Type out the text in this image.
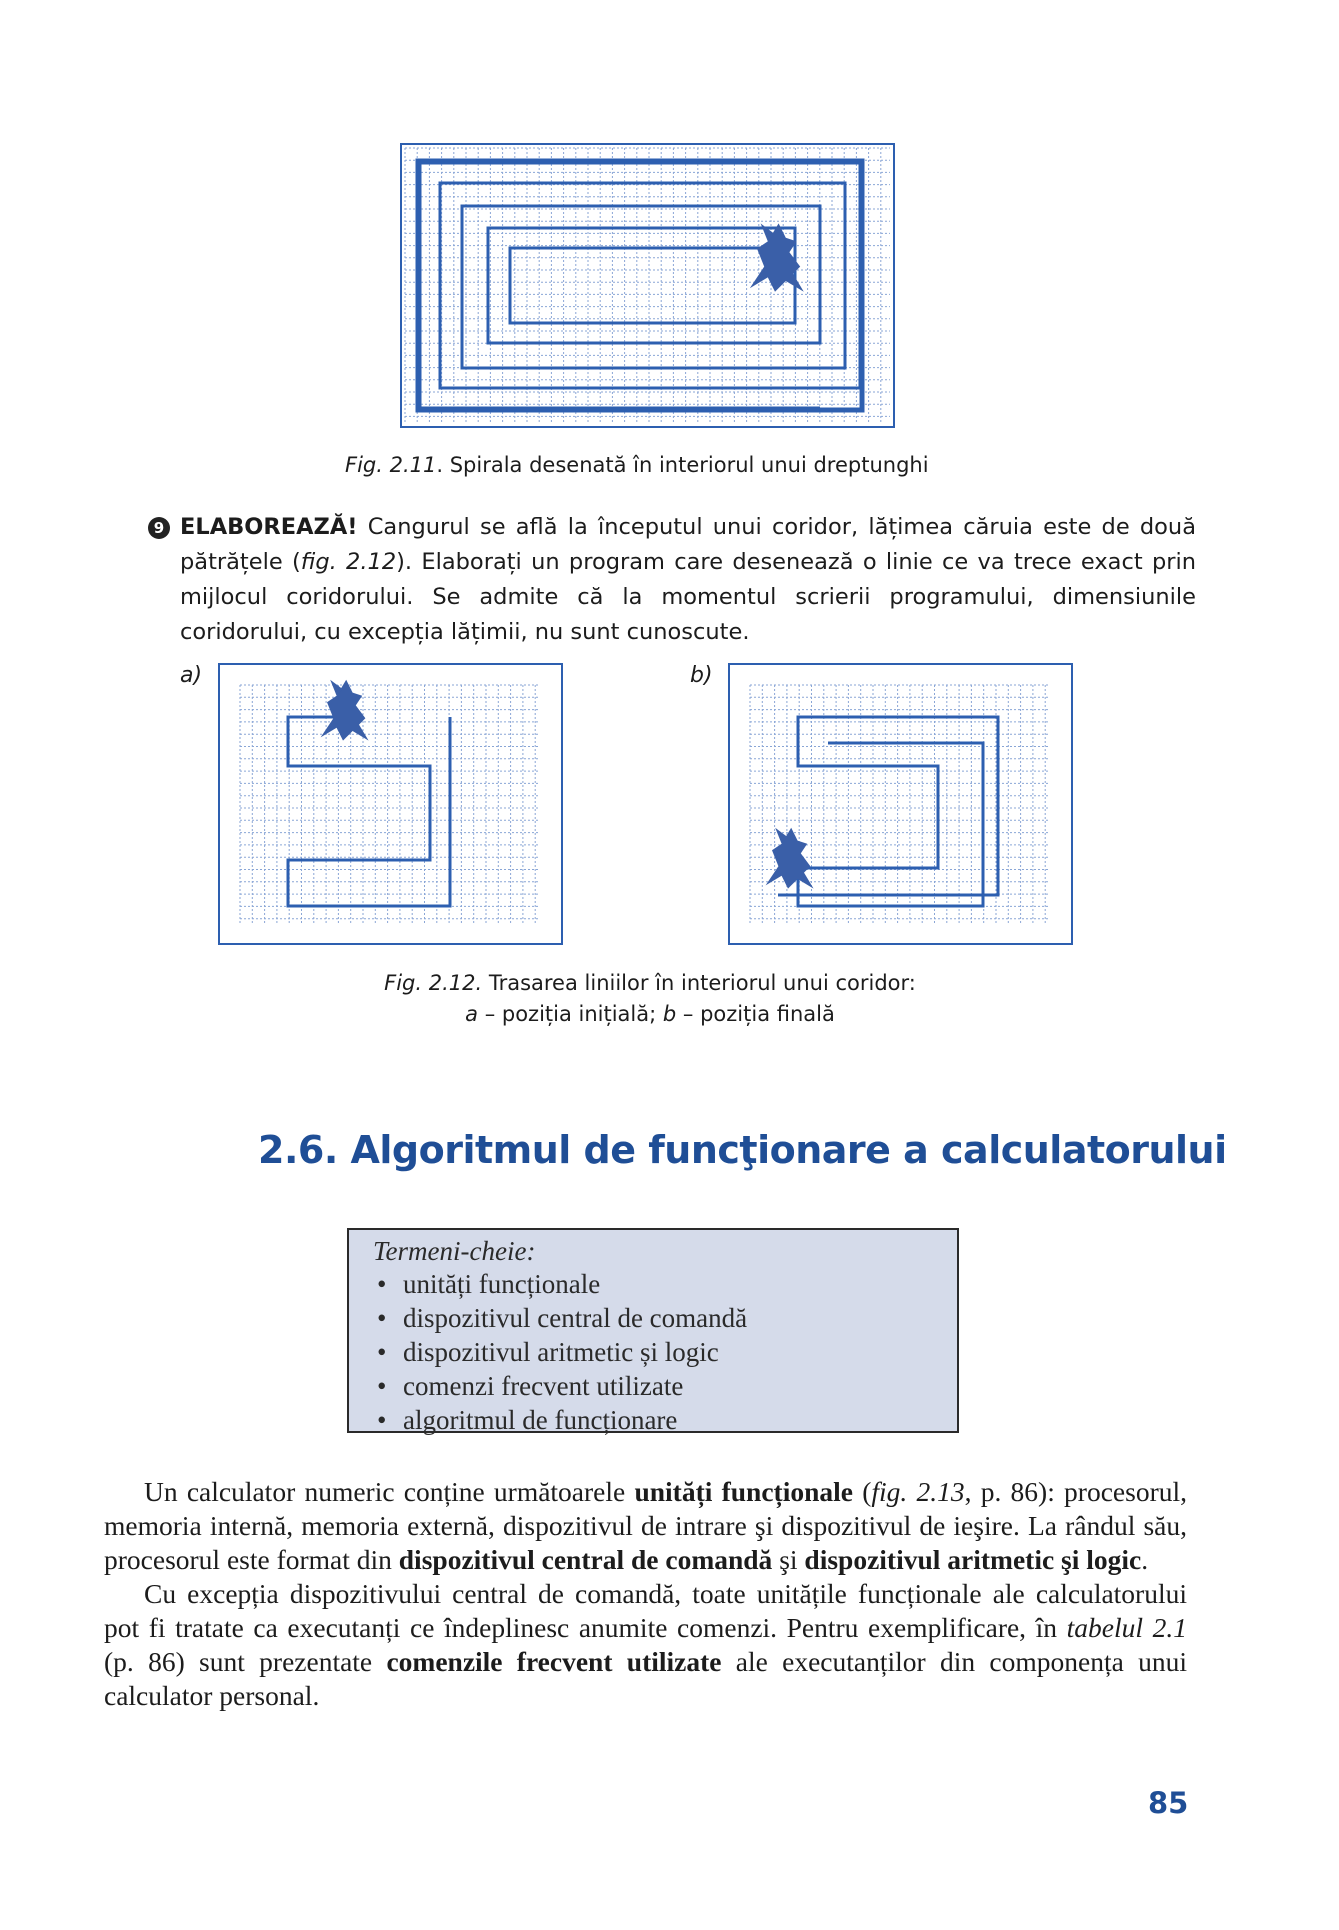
Fig. 2.11. Spirala desenată în interiorul unui dreptunghi
9 ELABOREAZĂ! Cangurul se află la începutul unui coridor, lățimea căruia este de două pătrățele (fig. 2.12). Elaborați un program care desenează o linie ce va trece exact prin mijlocul coridorului. Se admite că la momentul scrierii programului, dimensiunile coridorului, cu excepția lățimii, nu sunt cunoscute.
a)	b)
Fig. 2.12. Trasarea liniilor în interiorul unui coridor:
a – poziția inițială; b – poziția finală
2.6. Algoritmul de funcţionare a calculatorului
Termeni-cheie:
• unități funcționale
• dispozitivul central de comandă
• dispozitivul aritmetic și logic
• comenzi frecvent utilizate
• algoritmul de funcționare

Un calculator numeric conține următoarele unități funcționale (fig. 2.13, p. 86): procesorul, memoria internă, memoria externă, dispozitivul de intrare şi dispozitivul de ieşire. La rândul său, procesorul este format din dispozitivul central de comandă şi dispozitivul aritmetic şi logic.

Cu excepția dispozitivului central de comandă, toate unitățile funcționale ale calculatorului pot fi tratate ca executanți ce îndeplinesc anumite comenzi. Pentru exemplificare, în tabelul 2.1 (p. 86) sunt prezentate comenzile frecvent utilizate ale executanților din componența unui calculator personal.

85
